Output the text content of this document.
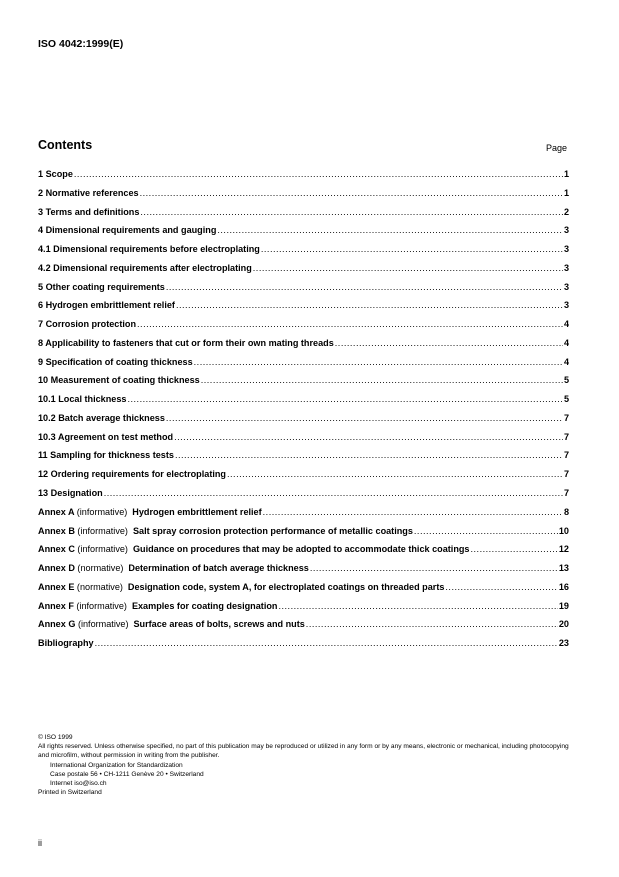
ISO 4042:1999(E)
Contents	Page
1 Scope .....	1
2 Normative references .....	1
3 Terms and definitions .....	2
4 Dimensional requirements and gauging .....	3
4.1 Dimensional requirements before electroplating .....	3
4.2 Dimensional requirements after electroplating .....	3
5 Other coating requirements .....	3
6 Hydrogen embrittlement relief .....	3
7 Corrosion protection .....	4
8 Applicability to fasteners that cut or form their own mating threads .....	4
9 Specification of coating thickness .....	4
10 Measurement of coating thickness .....	5
10.1 Local thickness .....	5
10.2 Batch average thickness .....	7
10.3 Agreement on test method .....	7
11 Sampling for thickness tests .....	7
12 Ordering requirements for electroplating .....	7
13 Designation .....	7
Annex A (informative) Hydrogen embrittlement relief .....	8
Annex B (informative) Salt spray corrosion protection performance of metallic coatings .....	10
Annex C (informative) Guidance on procedures that may be adopted to accommodate thick coatings .....	12
Annex D (normative) Determination of batch average thickness .....	13
Annex E (normative) Designation code, system A, for electroplated coatings on threaded parts .....	16
Annex F (informative) Examples for coating designation .....	19
Annex G (informative) Surface areas of bolts, screws and nuts .....	20
Bibliography .....	23
© ISO 1999
All rights reserved. Unless otherwise specified, no part of this publication may be reproduced or utilized in any form or by any means, electronic or mechanical, including photocopying and microfilm, without permission in writing from the publisher.
International Organization for Standardization
Case postale 56 • CH-1211 Genève 20 • Switzerland
Internet iso@iso.ch
Printed in Switzerland
ii
